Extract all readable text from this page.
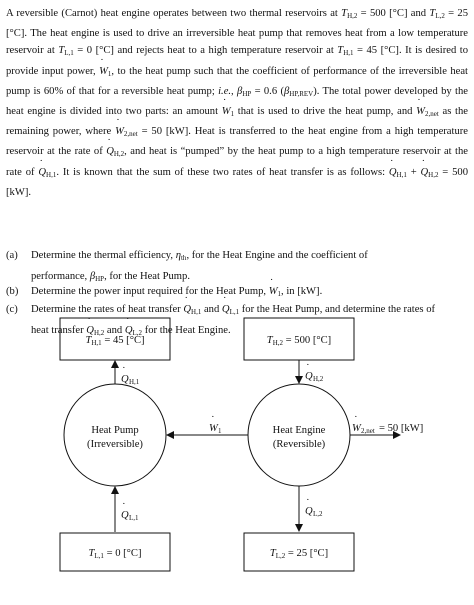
A reversible (Carnot) heat engine operates between two thermal reservoirs at $T_{H,2} = 500$ [°C] and $T_{L,2} = 25$ [°C]. The heat engine is used to drive an irreversible heat pump that removes heat from a low temperature reservoir at $T_{L,1} = 0$ [°C] and rejects heat to a high temperature reservoir at $T_{H,1} = 45$ [°C]. It is desired to provide input power, ˙ $W_1$, to the heat pump such that the coefficient of performance of the irreversible heat pump is 60% of that for a reversible heat pump; i.e., $\beta_{HP} = 0.6$ $(\beta_{HP,REV})$. The total power developed by the heat engine is divided into two parts: an amount ˙ $W_1$ that is used to drive the heat pump, and ˙ $W_{2,net}$ as the remaining power, where ˙ $W_{2,net} = 50$ [kW]. Heat is transferred to the heat engine from a high temperature reservoir at the rate of ˙ $Q_{H,2}$, and heat is “pumped” by the heat pump to a high temperature reservoir at the rate of ˙ $Q_{H,1}$. It is known that the sum of these two rates of heat transfer is as follows: ˙ $Q_{H,1}$ + ˙ $Q_{H,2} = 500$ [kW].

(a) Determine the thermal efficiency, $\eta_{th}$, for the Heat Engine and the coefficient of
performance, $\beta_{HP}$, for the Heat Pump.
(b) Determine the power input required for the Heat Pump, ˙ $W_1$, in [kW].
(c) Determine the rates of heat transfer ˙ $Q_{H,1}$ and ˙ $Q_{L,1}$ for the Heat Pump, and determine the rates of
heat transfer ˙ $Q_{H,2}$ and ˙ $Q_{L,2}$ for the Heat Engine.
TH,1 = 45 [°C]	TH,2 = 500 [°C]
TL,1 = 0 [°C]	TL,2 = 25 [°C]
Heat Pump
(Irreversible)
Heat Engine
(Reversible)
Q
˙
H,1	Q
˙
H,2
Q
˙
L,1
Q
˙
L,2
W
˙
1	W
˙
2,net = 50 [kW]
